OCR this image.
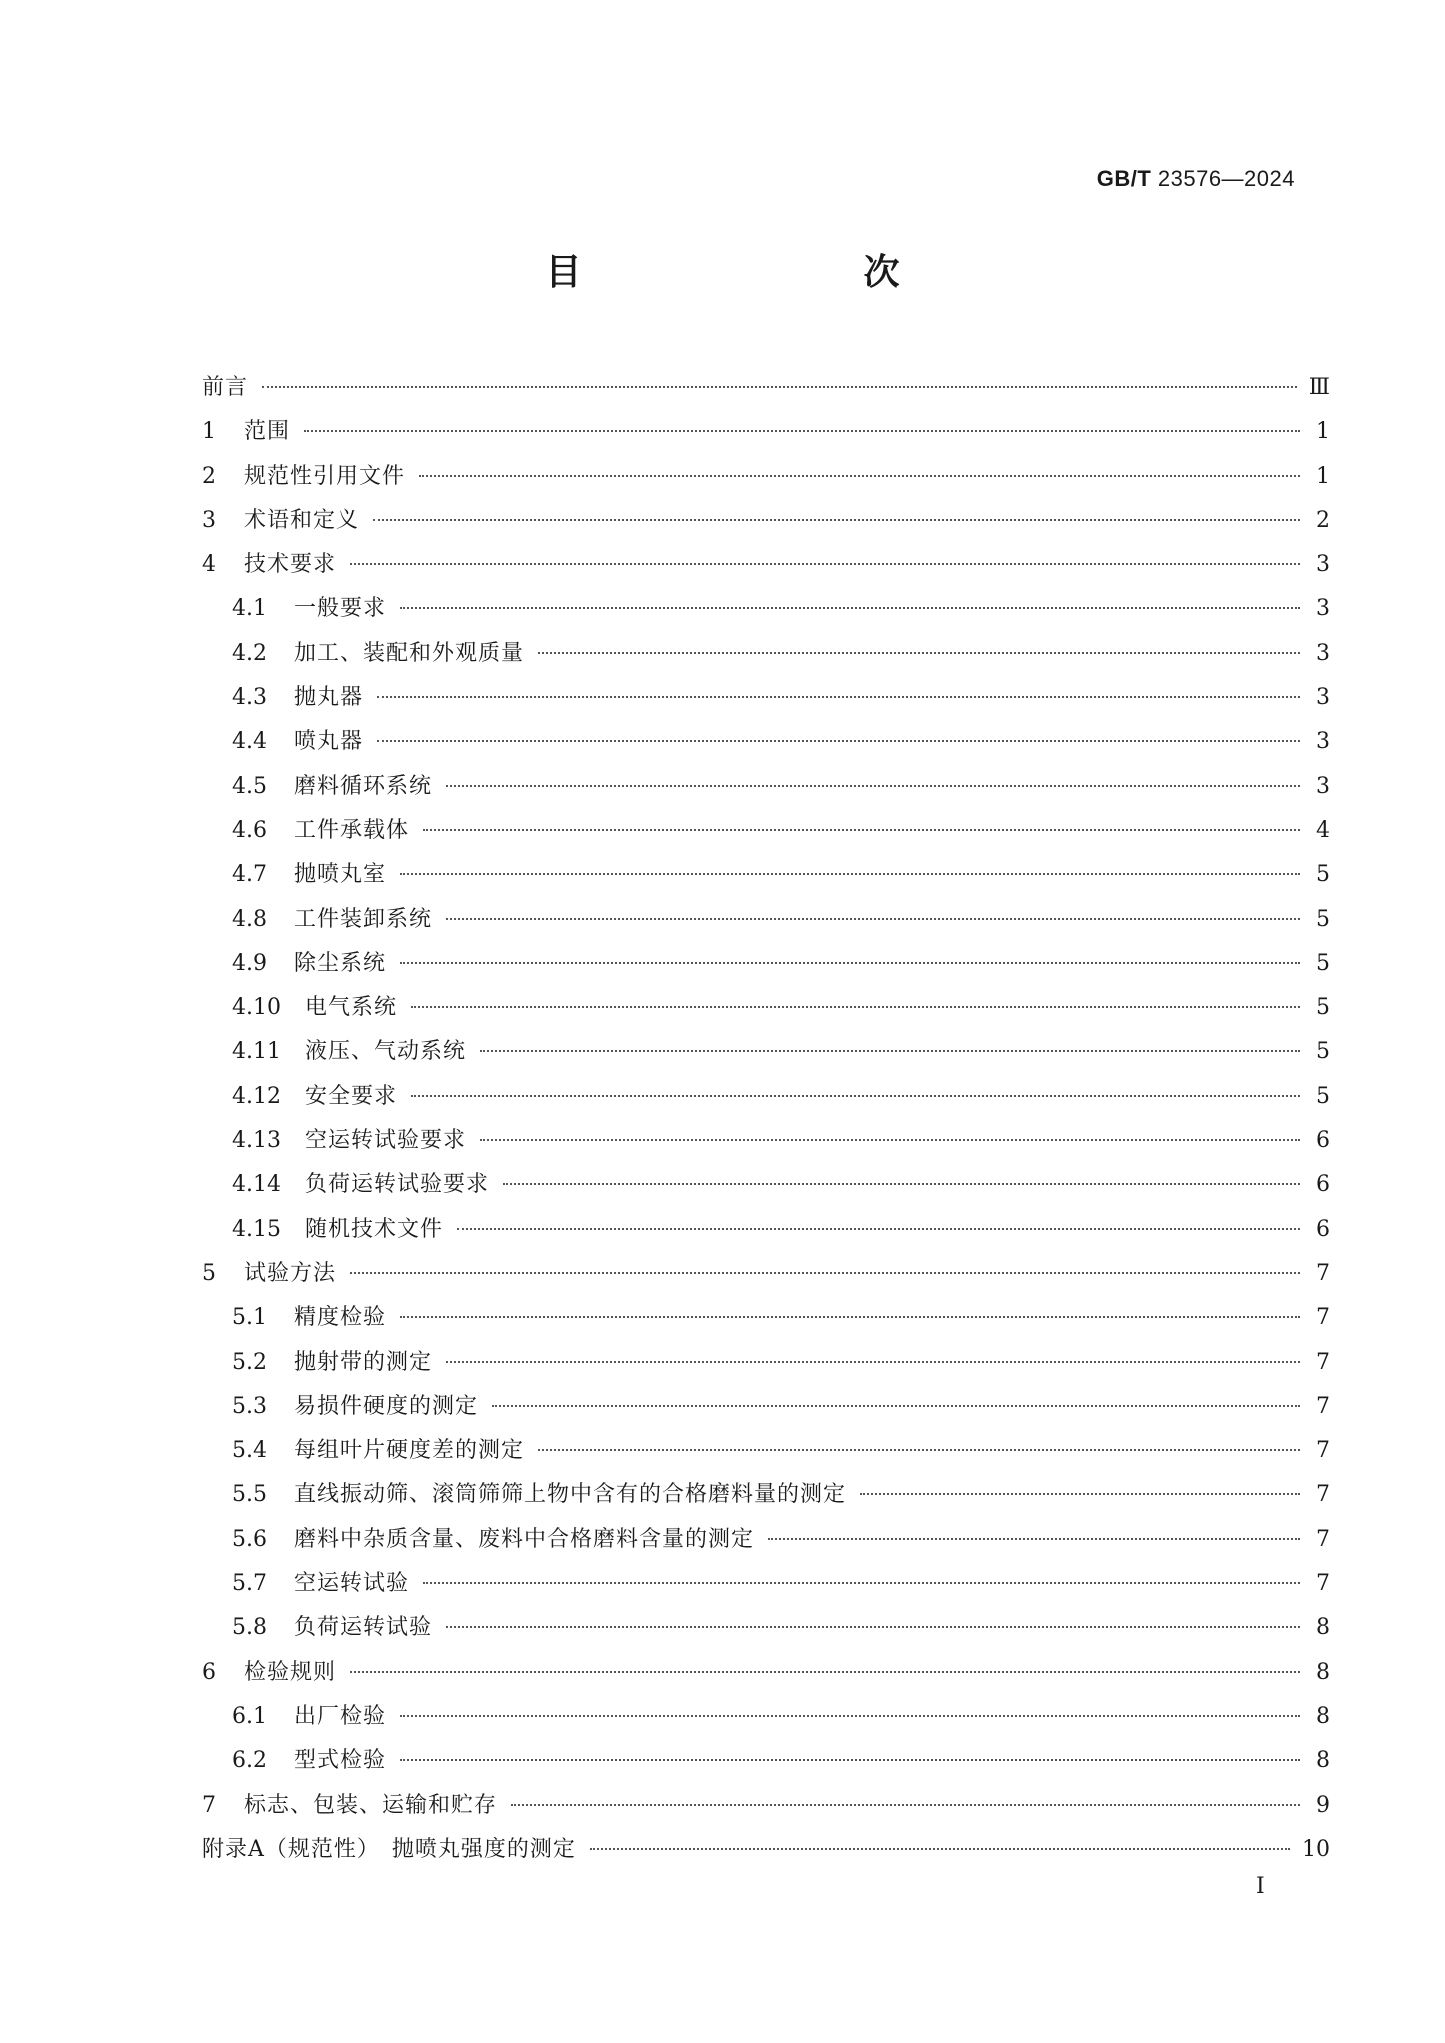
GB/T 23576—2024
目　　次
前言	Ⅲ
1	范围	1
2	规范性引用文件	1
3	术语和定义	2
4	技术要求	3
4.1	一般要求	3
4.2	加工、装配和外观质量	3
4.3	抛丸器	3
4.4	喷丸器	3
4.5	磨料循环系统	3
4.6	工件承载体	4
4.7	抛喷丸室	5
4.8	工件装卸系统	5
4.9	除尘系统	5
4.10	电气系统	5
4.11	液压、气动系统	5
4.12	安全要求	5
4.13	空运转试验要求	6
4.14	负荷运转试验要求	6
4.15	随机技术文件	6
5	试验方法	7
5.1	精度检验	7
5.2	抛射带的测定	7
5.3	易损件硬度的测定	7
5.4	每组叶片硬度差的测定	7
5.5	直线振动筛、滚筒筛筛上物中含有的合格磨料量的测定	7
5.6	磨料中杂质含量、废料中合格磨料含量的测定	7
5.7	空运转试验	7
5.8	负荷运转试验	8
6	检验规则	8
6.1	出厂检验	8
6.2	型式检验	8
7	标志、包装、运输和贮存	9
附录A（规范性）　抛喷丸强度的测定	10
Ⅰ
